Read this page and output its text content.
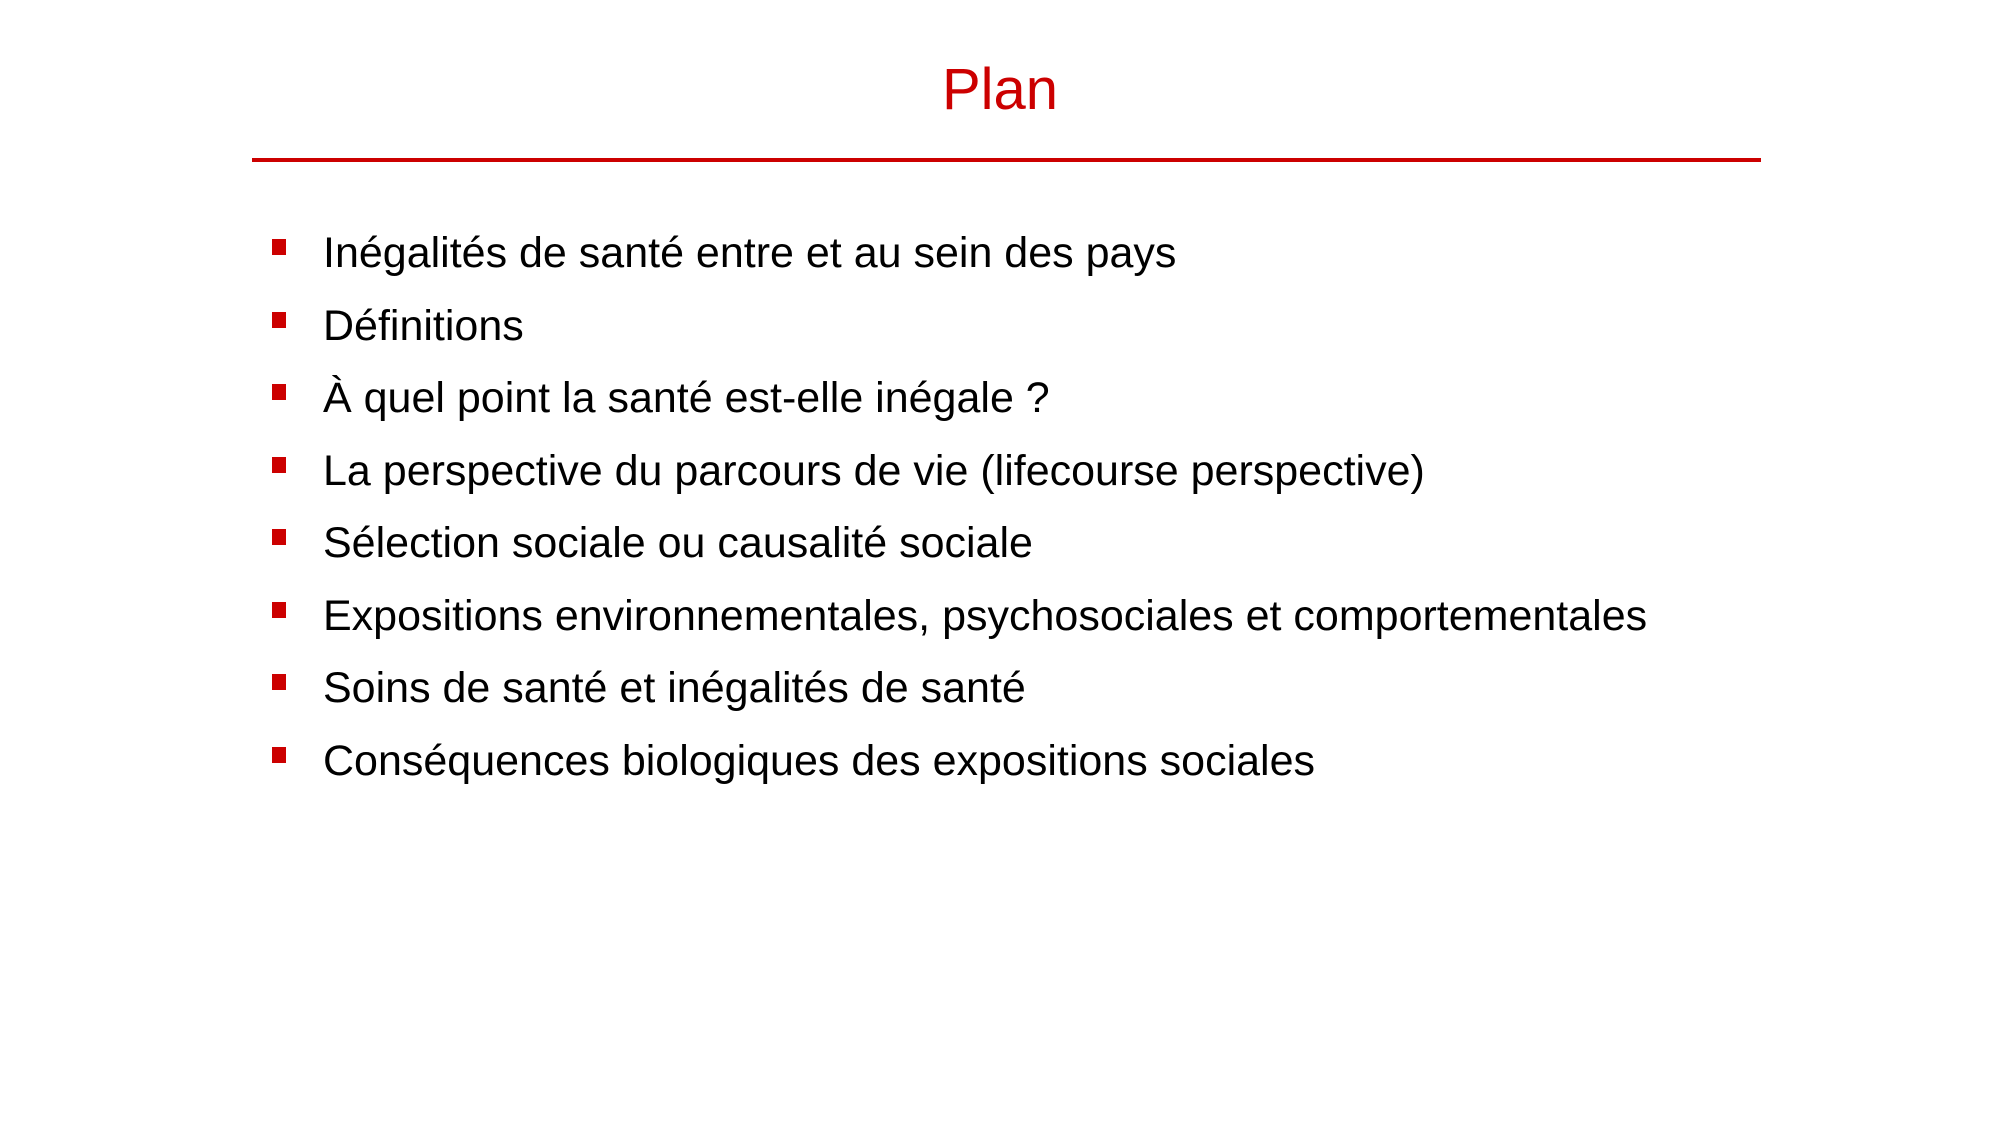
Plan
Inégalités de santé entre et au sein des pays
Définitions
À quel point la santé est-elle inégale ?
La perspective du parcours de vie (lifecourse perspective)
Sélection sociale ou causalité sociale
Expositions environnementales, psychosociales et comportementales
Soins de santé et inégalités de santé
Conséquences biologiques des expositions sociales
